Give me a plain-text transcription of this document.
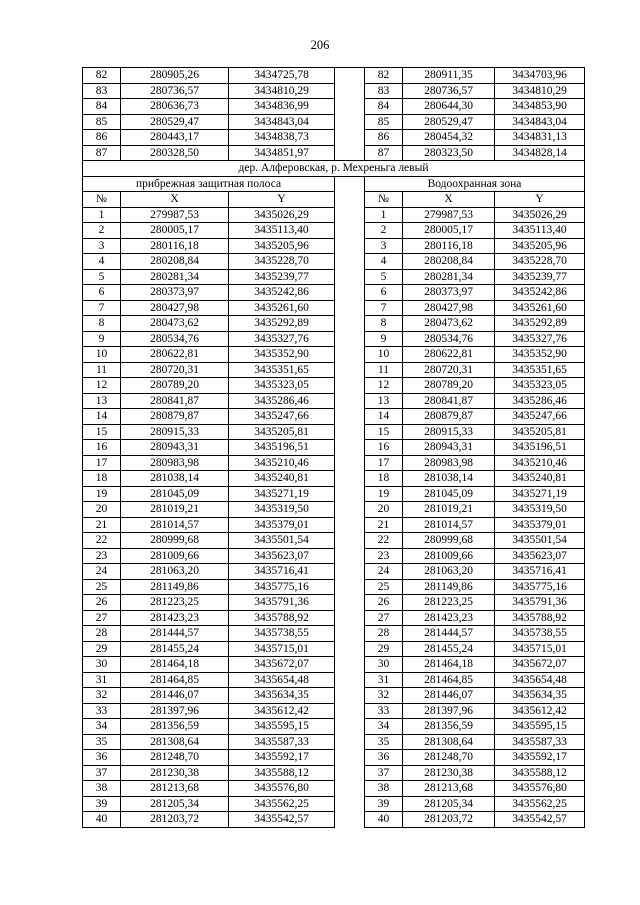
206
82	280905,26	3434725,78		82	280911,35	3434703,96
83	280736,57	3434810,29		83	280736,57	3434810,29
84	280636,73	3434836,99		84	280644,30	3434853,90
85	280529,47	3434843,04		85	280529,47	3434843,04
86	280443,17	3434838,73		86	280454,32	3434831,13
87	280328,50	3434851,97		87	280323,50	3434828,14
дер. Алферовская, р. Мехреньга левый						
прибрежная защитная полоса				Водоохранная зона		
№	X	Y		№	X	Y
1	279987,53	3435026,29		1	279987,53	3435026,29
2	280005,17	3435113,40		2	280005,17	3435113,40
3	280116,18	3435205,96		3	280116,18	3435205,96
4	280208,84	3435228,70		4	280208,84	3435228,70
5	280281,34	3435239,77		5	280281,34	3435239,77
6	280373,97	3435242,86		6	280373,97	3435242,86
7	280427,98	3435261,60		7	280427,98	3435261,60
8	280473,62	3435292,89		8	280473,62	3435292,89
9	280534,76	3435327,76		9	280534,76	3435327,76
10	280622,81	3435352,90		10	280622,81	3435352,90
11	280720,31	3435351,65		11	280720,31	3435351,65
12	280789,20	3435323,05		12	280789,20	3435323,05
13	280841,87	3435286,46		13	280841,87	3435286,46
14	280879,87	3435247,66		14	280879,87	3435247,66
15	280915,33	3435205,81		15	280915,33	3435205,81
16	280943,31	3435196,51		16	280943,31	3435196,51
17	280983,98	3435210,46		17	280983,98	3435210,46
18	281038,14	3435240,81		18	281038,14	3435240,81
19	281045,09	3435271,19		19	281045,09	3435271,19
20	281019,21	3435319,50		20	281019,21	3435319,50
21	281014,57	3435379,01		21	281014,57	3435379,01
22	280999,68	3435501,54		22	280999,68	3435501,54
23	281009,66	3435623,07		23	281009,66	3435623,07
24	281063,20	3435716,41		24	281063,20	3435716,41
25	281149,86	3435775,16		25	281149,86	3435775,16
26	281223,25	3435791,36		26	281223,25	3435791,36
27	281423,23	3435788,92		27	281423,23	3435788,92
28	281444,57	3435738,55		28	281444,57	3435738,55
29	281455,24	3435715,01		29	281455,24	3435715,01
30	281464,18	3435672,07		30	281464,18	3435672,07
31	281464,85	3435654,48		31	281464,85	3435654,48
32	281446,07	3435634,35		32	281446,07	3435634,35
33	281397,96	3435612,42		33	281397,96	3435612,42
34	281356,59	3435595,15		34	281356,59	3435595,15
35	281308,64	3435587,33		35	281308,64	3435587,33
36	281248,70	3435592,17		36	281248,70	3435592,17
37	281230,38	3435588,12		37	281230,38	3435588,12
38	281213,68	3435576,80		38	281213,68	3435576,80
39	281205,34	3435562,25		39	281205,34	3435562,25
40	281203,72	3435542,57		40	281203,72	3435542,57
